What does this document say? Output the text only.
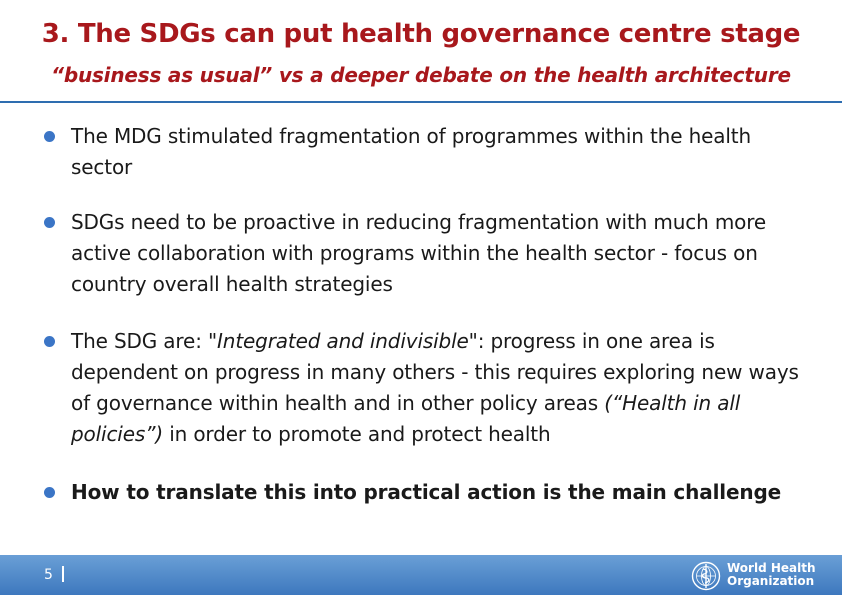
3. The SDGs can put health governance centre stage
“business as usual” vs a deeper debate on the health architecture
The MDG stimulated fragmentation of programmes within the health sector
SDGs need to be proactive in reducing fragmentation with much more active collaboration with programs within the health sector - focus on country overall health strategies
The SDG are: "Integrated and indivisible": progress in one area is dependent on progress in many others - this requires exploring new ways of governance within health and in other policy areas (“Health in all policies”) in order to promote and protect health
How to translate this into practical action is the main challenge
5	World Health
Organization
